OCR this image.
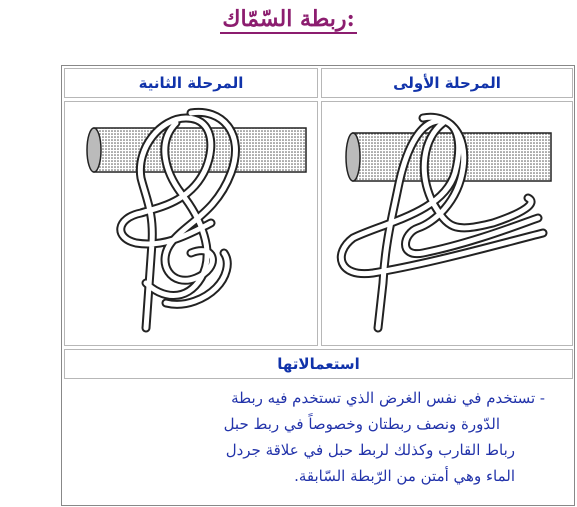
ربطة السّمّاك:
المرحلة الثانية	المرحلة الأولى
استعمالاتها
- تستخدم في نفس الغرض الذي تستخدم فيه ربطة
الدّورة ونصف ربطتان وخصوصاً في ربط حبل
رباط القارب وكذلك لربط حبل في علاقة جردل
الماء وهي أمتن من الرّبطة السّابقة.
